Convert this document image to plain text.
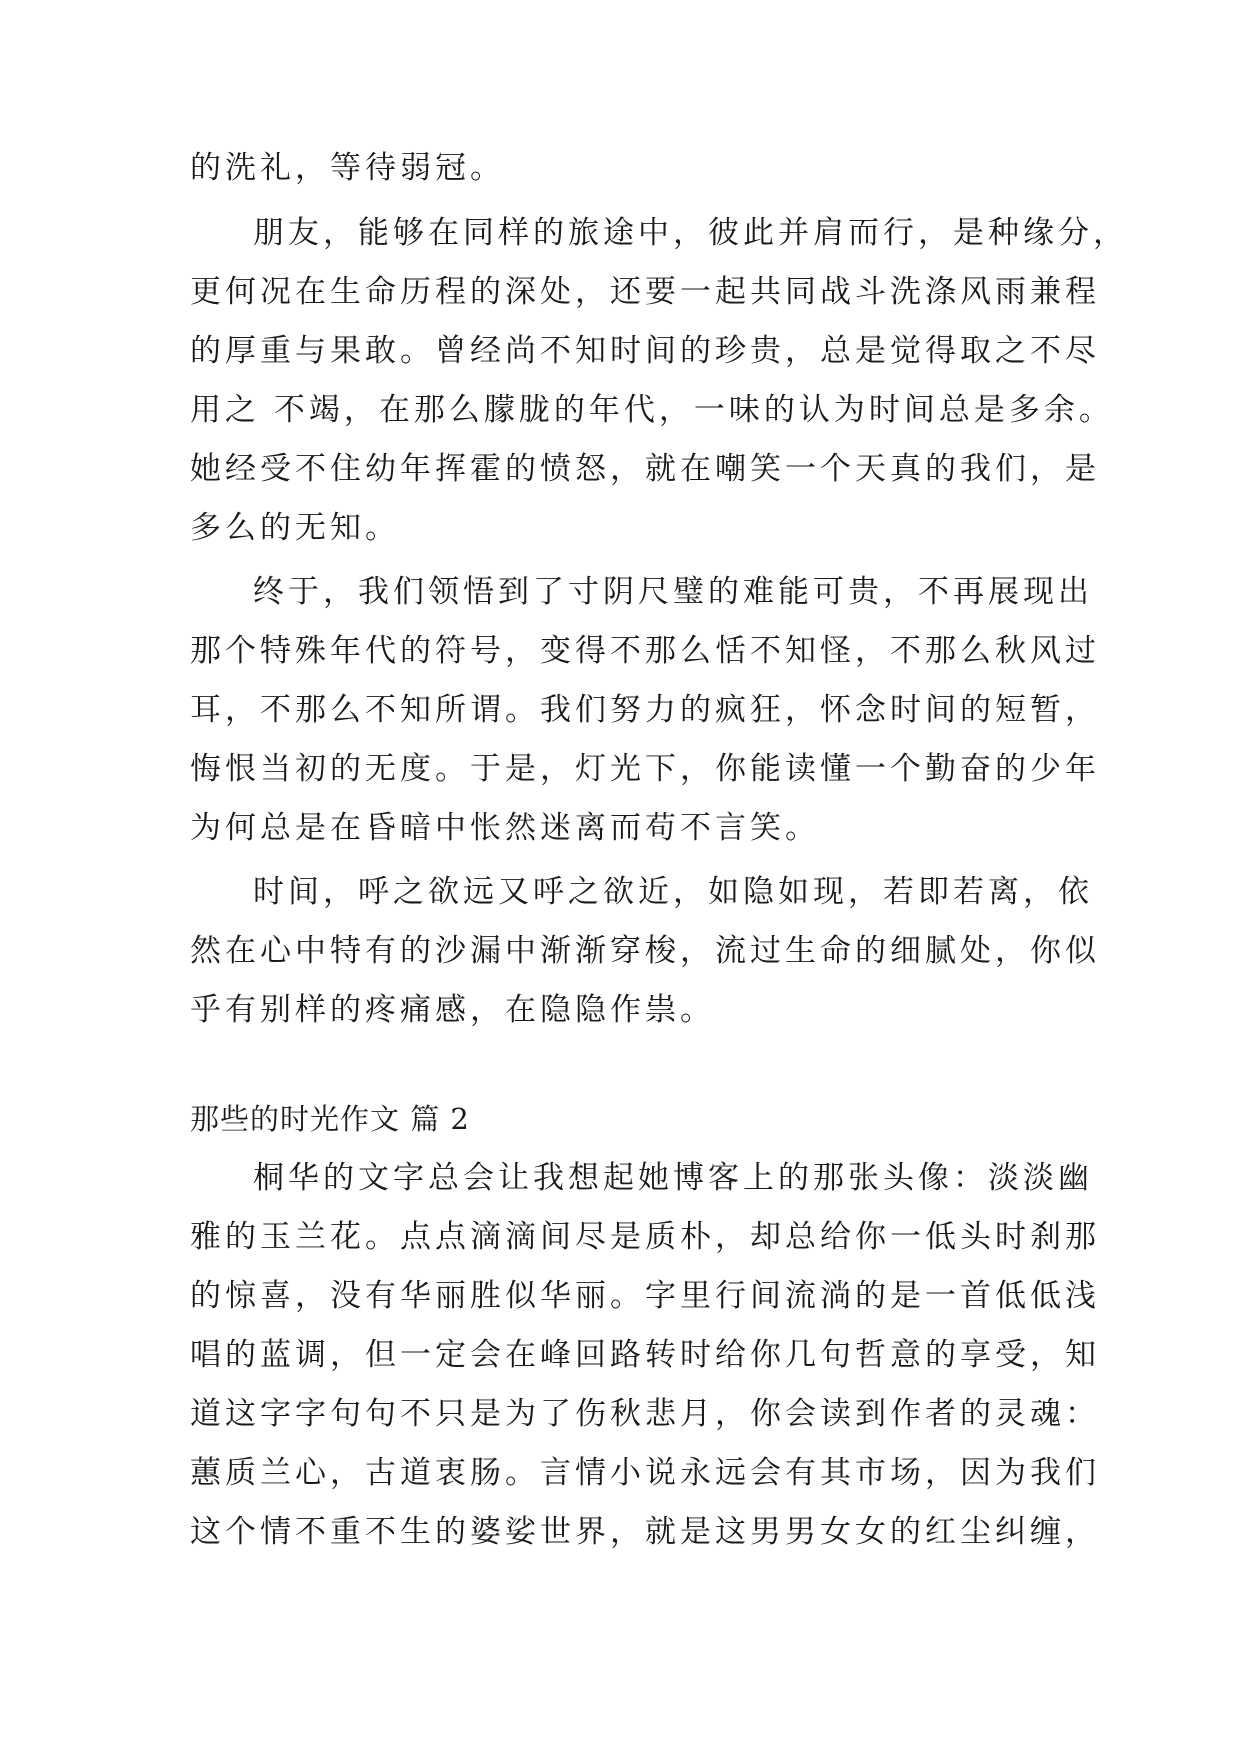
的洗礼，等待弱冠。
朋友，能够在同样的旅途中，彼此并肩而行，是种缘分，
更何况在生命历程的深处，还要一起共同战斗洗涤风雨兼程
的厚重与果敢。曾经尚不知时间的珍贵，总是觉得取之不尽
用之 不竭，在那么朦胧的年代，一味的认为时间总是多余。
她经受不住幼年挥霍的愤怒，就在嘲笑一个天真的我们，是
多么的无知。
终于，我们领悟到了寸阴尺璧的难能可贵，不再展现出
那个特殊年代的符号，变得不那么恬不知怪，不那么秋风过
耳，不那么不知所谓。我们努力的疯狂，怀念时间的短暂，
悔恨当初的无度。于是，灯光下，你能读懂一个勤奋的少年
为何总是在昏暗中怅然迷离而苟不言笑。
时间，呼之欲远又呼之欲近，如隐如现，若即若离，依
然在心中特有的沙漏中渐渐穿梭，流过生命的细腻处，你似
乎有别样的疼痛感，在隐隐作祟。
那些的时光作文 篇 2
桐华的文字总会让我想起她博客上的那张头像：淡淡幽
雅的玉兰花。点点滴滴间尽是质朴，却总给你一低头时刹那
的惊喜，没有华丽胜似华丽。字里行间流淌的是一首低低浅
唱的蓝调，但一定会在峰回路转时给你几句哲意的享受，知
道这字字句句不只是为了伤秋悲月，你会读到作者的灵魂：
蕙质兰心，古道衷肠。言情小说永远会有其市场，因为我们
这个情不重不生的婆娑世界，就是这男男女女的红尘纠缠，
